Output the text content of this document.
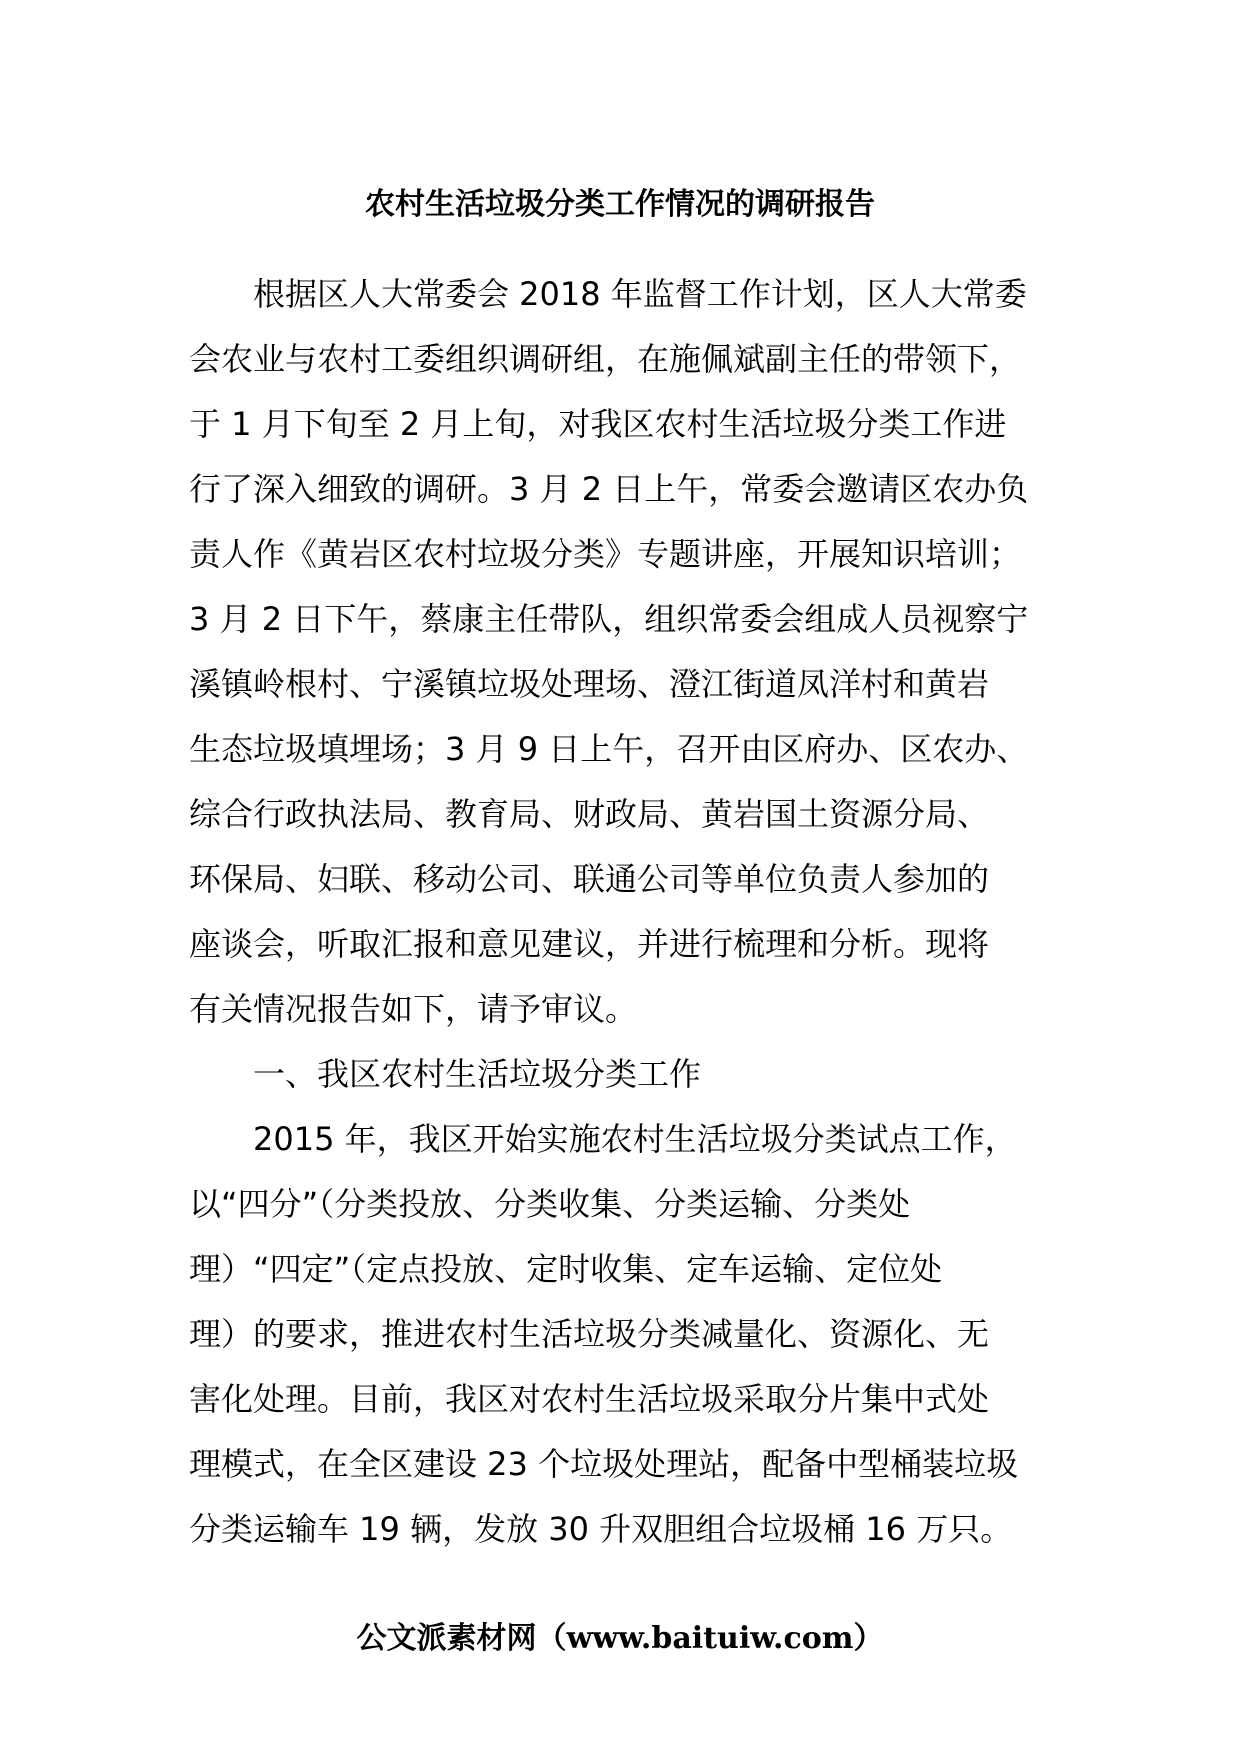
农村生活垃圾分类工作情况的调研报告
根据区人大常委会 2018 年监督工作计划，区人大常委
会农业与农村工委组织调研组，在施佩斌副主任的带领下，
于 1 月下旬至 2 月上旬，对我区农村生活垃圾分类工作进
行了深入细致的调研。3 月 2 日上午，常委会邀请区农办负
责人作《黄岩区农村垃圾分类》专题讲座，开展知识培训；
3 月 2 日下午，蔡康主任带队，组织常委会组成人员视察宁
溪镇岭根村、宁溪镇垃圾处理场、澄江街道凤洋村和黄岩
生态垃圾填埋场；3 月 9 日上午，召开由区府办、区农办、
综合行政执法局、教育局、财政局、黄岩国土资源分局、
环保局、妇联、移动公司、联通公司等单位负责人参加的
座谈会，听取汇报和意见建议，并进行梳理和分析。现将
有关情况报告如下，请予审议。
一、我区农村生活垃圾分类工作
2015 年，我区开始实施农村生活垃圾分类试点工作，
以“四分”（分类投放、分类收集、分类运输、分类处
理）“四定”（定点投放、定时收集、定车运输、定位处
理）的要求，推进农村生活垃圾分类减量化、资源化、无
害化处理。目前，我区对农村生活垃圾采取分片集中式处
理模式，在全区建设 23 个垃圾处理站，配备中型桶装垃圾
分类运输车 19 辆，发放 30 升双胆组合垃圾桶 16 万只。
公文派素材网（www.baituiw.com）
